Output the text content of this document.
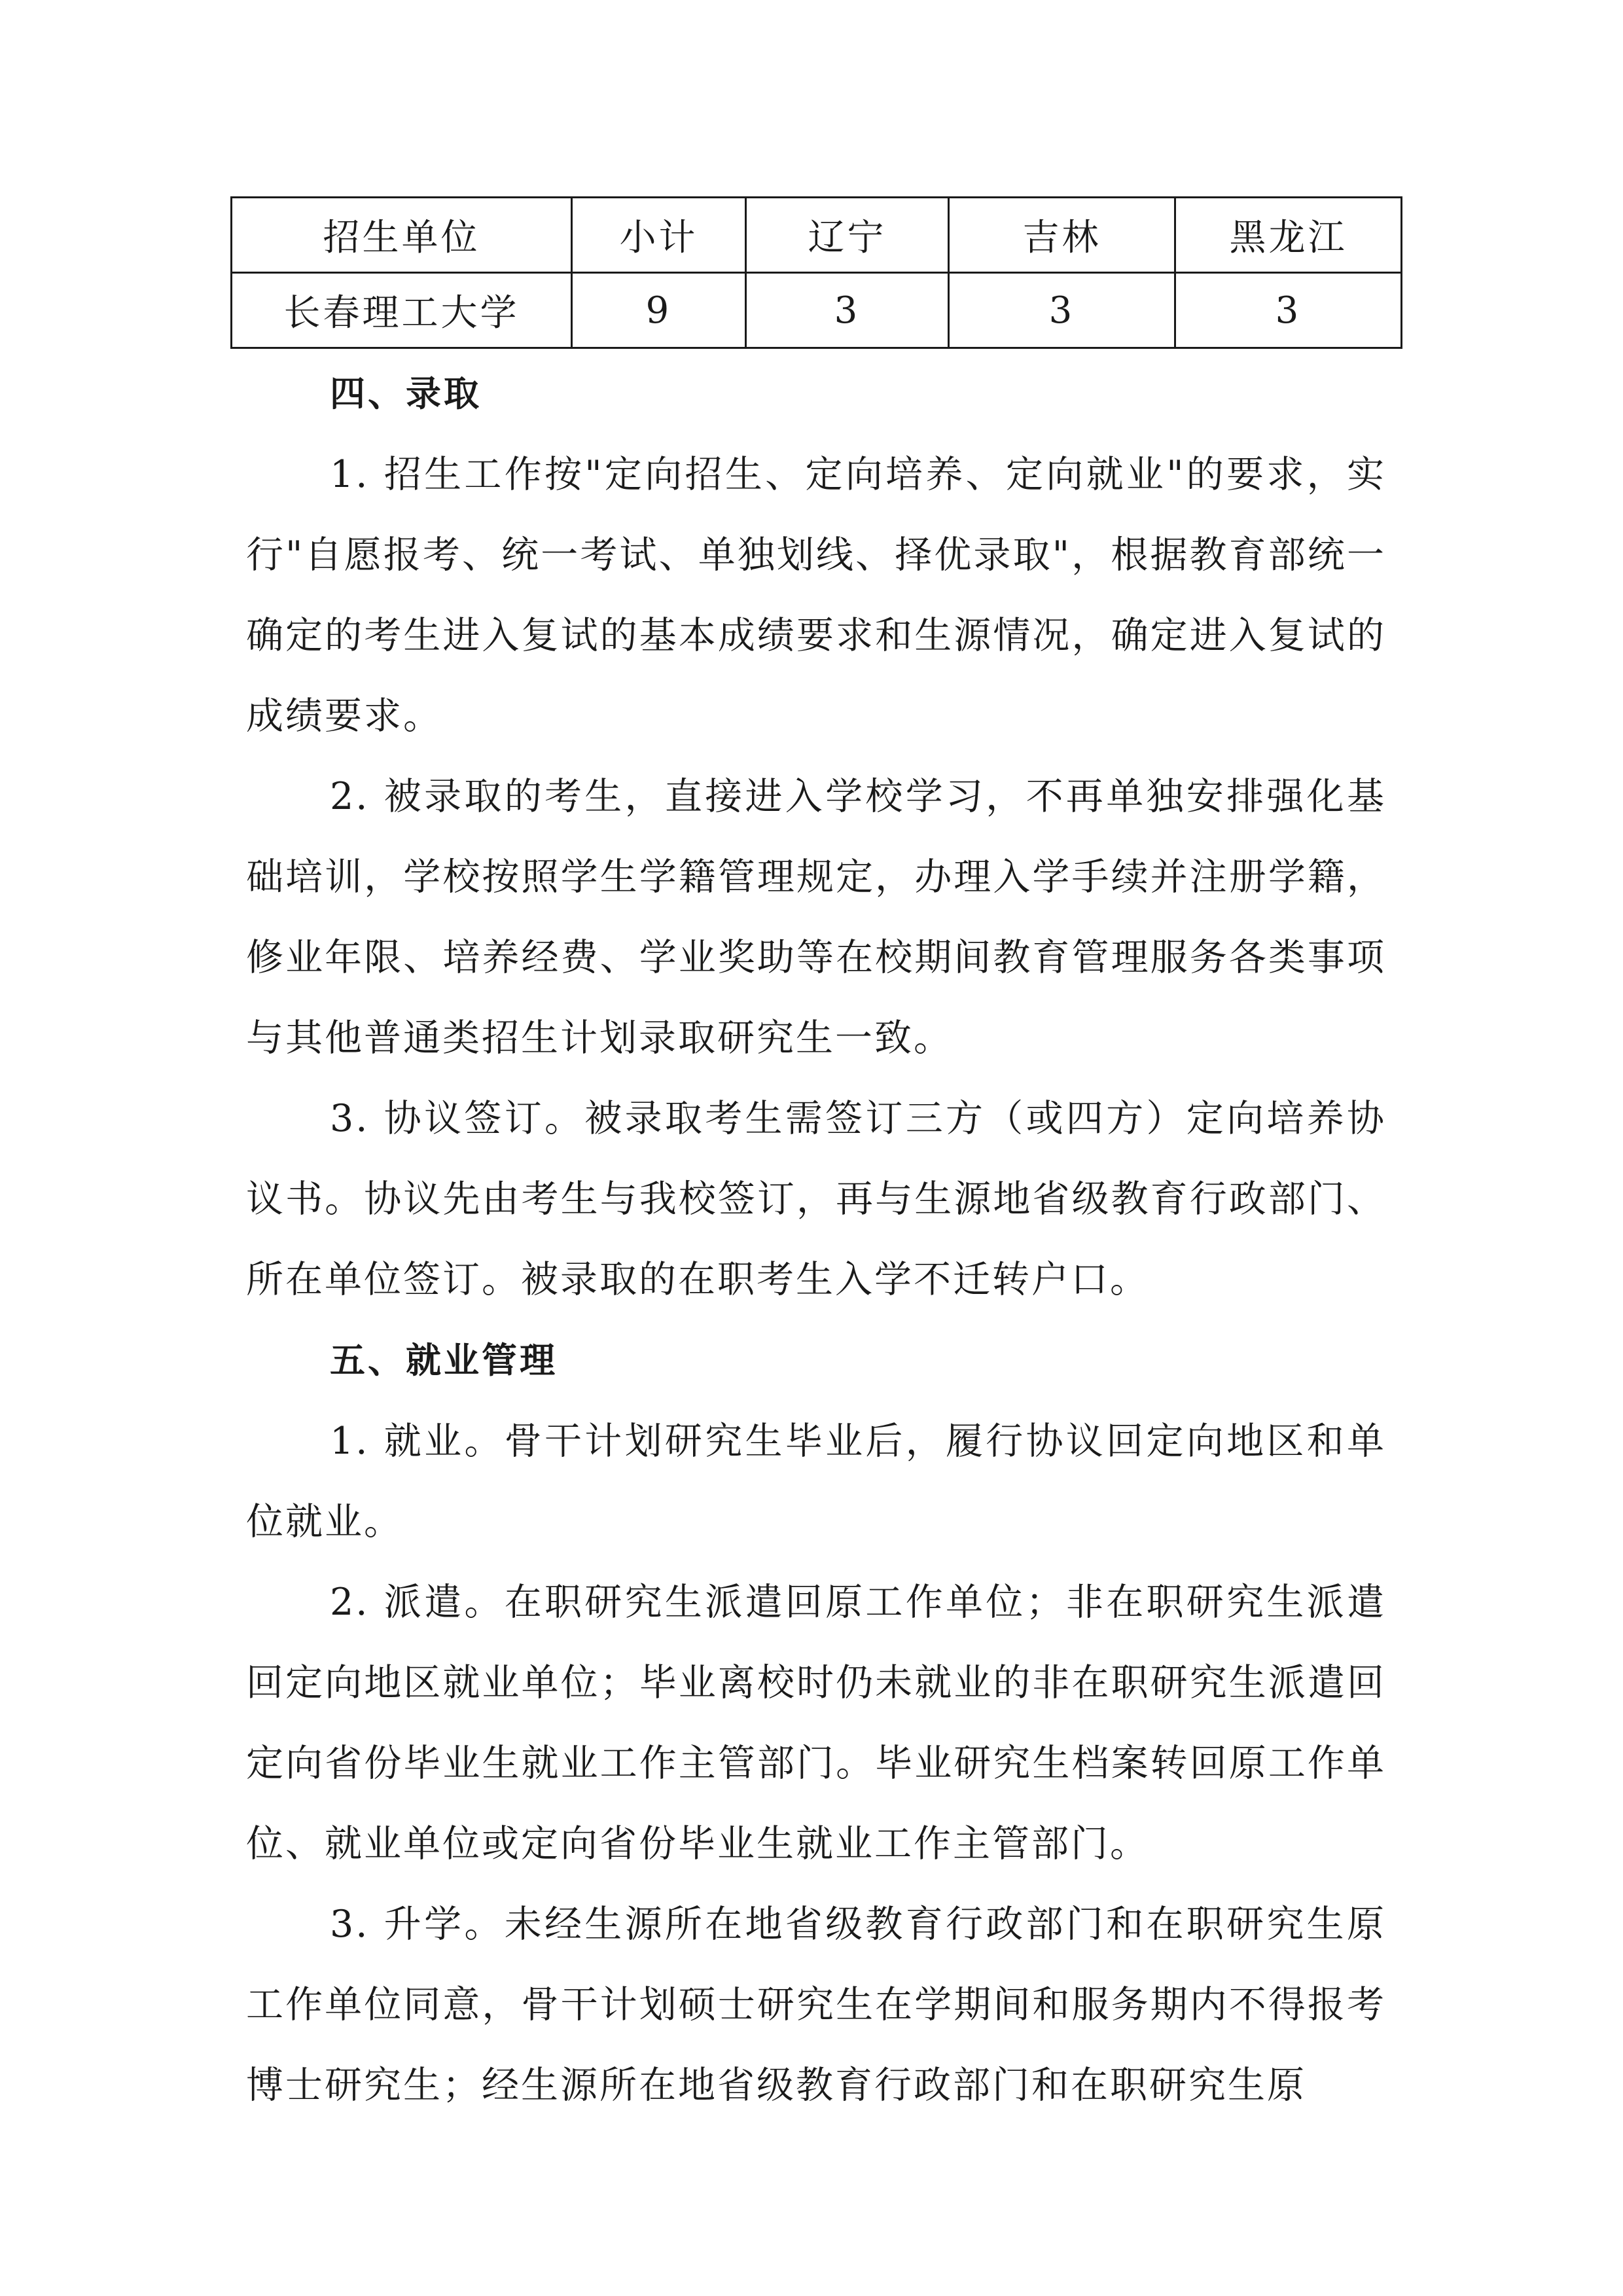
招生单位	小计	辽宁	吉林	黑龙江
长春理工大学	9	3	3	3
四、录取

1. 招生工作按"定向招生、定向培养、定向就业"的要求，实行"自愿报考、统一考试、单独划线、择优录取"，根据教育部统一确定的考生进入复试的基本成绩要求和生源情况，确定进入复试的成绩要求。

2. 被录取的考生，直接进入学校学习，不再单独安排强化基础培训，学校按照学生学籍管理规定，办理入学手续并注册学籍，修业年限、培养经费、学业奖助等在校期间教育管理服务各类事项与其他普通类招生计划录取研究生一致。

3. 协议签订。被录取考生需签订三方（或四方）定向培养协议书。协议先由考生与我校签订，再与生源地省级教育行政部门、所在单位签订。被录取的在职考生入学不迁转户口。

五、就业管理

1. 就业。骨干计划研究生毕业后，履行协议回定向地区和单位就业。

2. 派遣。在职研究生派遣回原工作单位；非在职研究生派遣回定向地区就业单位；毕业离校时仍未就业的非在职研究生派遣回定向省份毕业生就业工作主管部门。毕业研究生档案转回原工作单位、就业单位或定向省份毕业生就业工作主管部门。

3. 升学。未经生源所在地省级教育行政部门和在职研究生原工作单位同意，骨干计划硕士研究生在学期间和服务期内不得报考博士研究生；经生源所在地省级教育行政部门和在职研究生原
